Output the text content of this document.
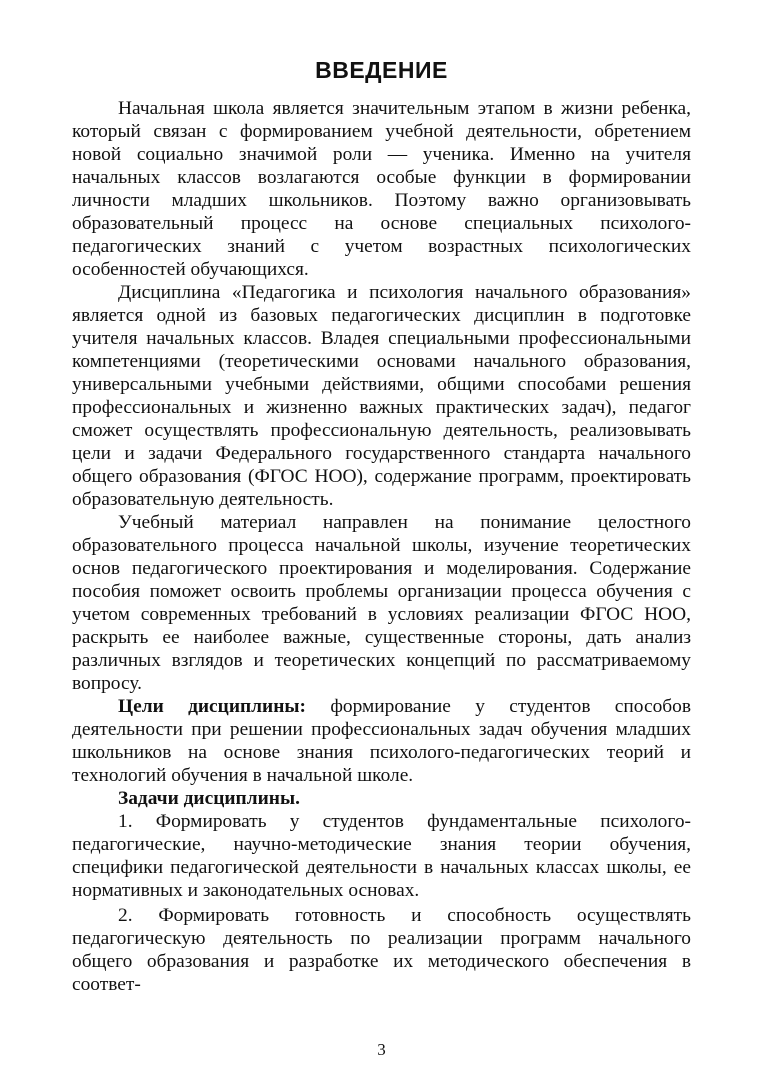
ВВЕДЕНИЕ

Начальная школа является значительным этапом в жизни ребенка, который связан с формированием учебной деятельности, обретением новой социально значимой роли — ученика. Именно на учителя начальных классов возлагаются особые функции в формировании личности младших школьников. Поэтому важно организовывать образовательный процесс на основе специальных психолого-педагогических знаний с учетом возрастных психологических особенностей обучающихся.

Дисциплина «Педагогика и психология начального образования» является одной из базовых педагогических дисциплин в подготовке учителя начальных классов. Владея специальными профессиональными компетенциями (теоретическими основами начального образования, универсальными учебными действиями, общими способами решения профессиональных и жизненно важных практических задач), педагог сможет осуществлять профессиональную деятельность, реализовывать цели и задачи Федерального государственного стандарта начального общего образования (ФГОС НОО), содержание программ, проектировать образовательную деятельность.

Учебный материал направлен на понимание целостного образовательного процесса начальной школы, изучение теоретических основ педагогического проектирования и моделирования. Содержание пособия поможет освоить проблемы организации процесса обучения с учетом современных требований в условиях реализации ФГОС НОО, раскрыть ее наиболее важные, существенные стороны, дать анализ различных взглядов и теоретических концепций по рассматриваемому вопросу.

Цели дисциплины: формирование у студентов способов деятельности при решении профессиональных задач обучения младших школьников на основе знания психолого-педагогических теорий и технологий обучения в начальной школе.

Задачи дисциплины.

1. Формировать у студентов фундаментальные психолого-педагогические, научно-методические знания теории обучения, специфики педагогической деятельности в начальных классах школы, ее нормативных и законодательных основах.

2. Формировать готовность и способность осуществлять педагогическую деятельность по реализации программ начального общего образования и разработке их методического обеспечения в соответ-

3
